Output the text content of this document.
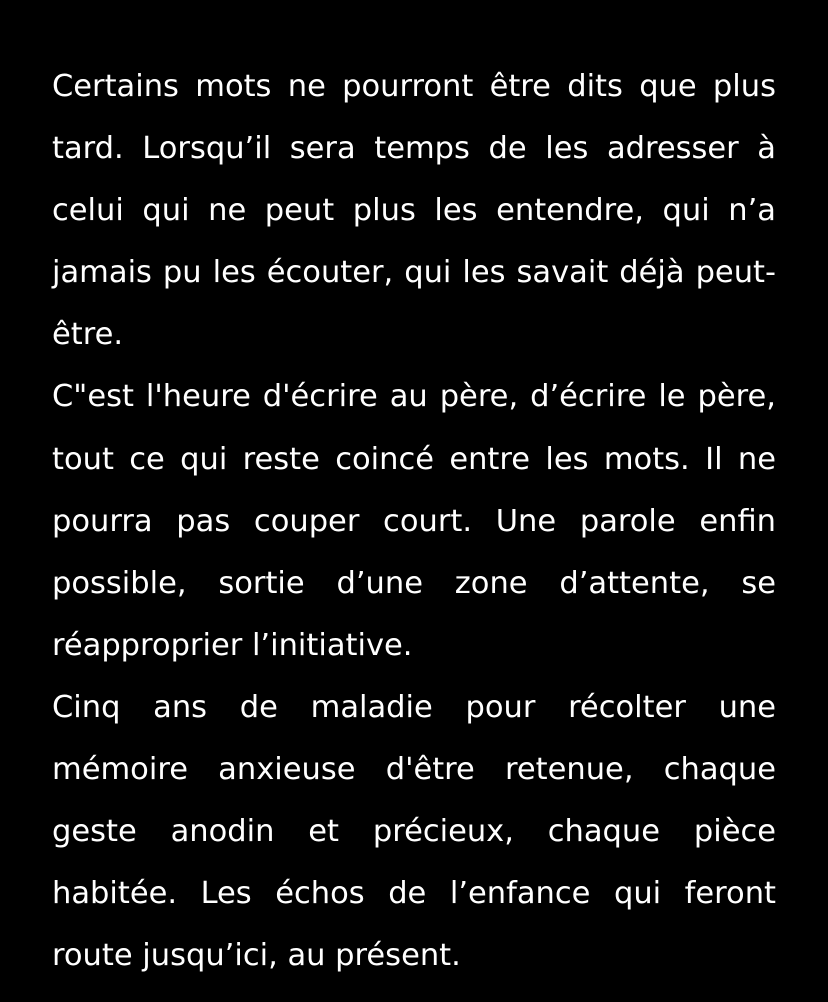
Certains mots ne pourront être dits que plus tard. Lorsqu’il sera temps de les adresser à celui qui ne peut plus les entendre, qui n’a jamais pu les écouter, qui les savait déjà peut-être.

C"est l'heure d'écrire au père, d’écrire le père, tout ce qui reste coincé entre les mots. Il ne pourra pas couper court. Une parole enfin possible, sortie d’une zone d’attente, se réapproprier l’initiative.

Cinq ans de maladie pour récolter une mémoire anxieuse d'être retenue, chaque geste anodin et précieux, chaque pièce habitée. Les échos de l’enfance qui feront route jusqu’ici, au présent.
